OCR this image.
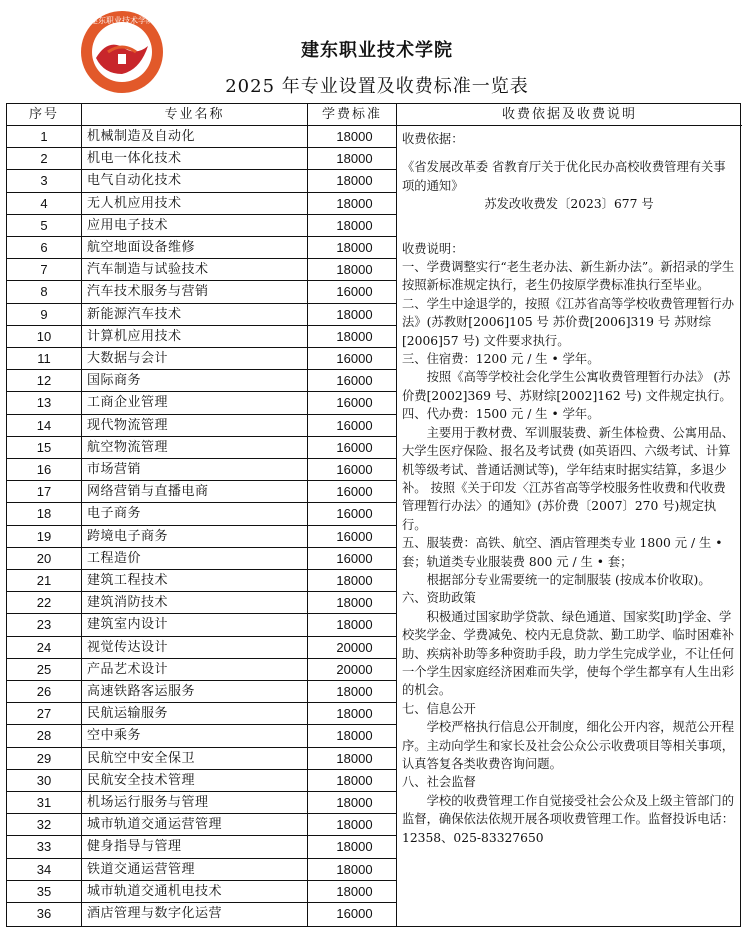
建东职业技术学院
建东职业技术学院
2025 年专业设置及收费标准一览表
序号	专业名称	学费标准	收费依据及收费说明
1	机械制造及自动化	18000
2	机电一体化技术	18000
3	电气自动化技术	18000
4	无人机应用技术	18000
5	应用电子技术	18000
6	航空地面设备维修	18000
7	汽车制造与试验技术	18000
8	汽车技术服务与营销	16000
9	新能源汽车技术	18000
10	计算机应用技术	18000
11	大数据与会计	16000
12	国际商务	16000
13	工商企业管理	16000
14	现代物流管理	16000
15	航空物流管理	16000
16	市场营销	16000
17	网络营销与直播电商	16000
18	电子商务	16000
19	跨境电子商务	16000
20	工程造价	16000
21	建筑工程技术	18000
22	建筑消防技术	18000
23	建筑室内设计	18000
24	视觉传达设计	20000
25	产品艺术设计	20000
26	高速铁路客运服务	18000
27	民航运输服务	18000
28	空中乘务	18000
29	民航空中安全保卫	18000
30	民航安全技术管理	18000
31	机场运行服务与管理	18000
32	城市轨道交通运营管理	18000
33	健身指导与管理	18000
34	铁道交通运营管理	18000
35	城市轨道交通机电技术	18000
36	酒店管理与数字化运营	16000

收费依据：

《省发展改革委 省教育厅关于优化民办高校收费管理有关事项的通知》

苏发改收费发〔2023〕677 号

收费说明：

一、学费调整实行“老生老办法、新生新办法”。新招录的学生按照新标准规定执行，老生仍按原学费标准执行至毕业。

二、学生中途退学的，按照《江苏省高等学校收费管理暂行办法》(苏教财[2006]105 号 苏价费[2006]319 号 苏财综[2006]57 号) 文件要求执行。

三、住宿费：1200 元 / 生 • 学年。

　　按照《高等学校社会化学生公寓收费管理暂行办法》 (苏价费[2002]369 号、苏财综[2002]162 号) 文件规定执行。

四、代办费：1500 元 / 生 • 学年。

　　主要用于教材费、军训服装费、新生体检费、公寓用品、大学生医疗保险、报名及考试费 (如英语四、六级考试、计算机等级考试、普通话测试等)，学年结束时据实结算，多退少补。 按照《关于印发〈江苏省高等学校服务性收费和代收费管理暂行办法〉的通知》(苏价费〔2007〕270 号)规定执行。

五、服装费：高铁、航空、酒店管理类专业 1800 元 / 生 • 套；轨道类专业服装费 800 元 / 生 • 套；

　　根据部分专业需要统一的定制服装 (按成本价收取)。

六、资助政策

　　积极通过国家助学贷款、绿色通道、国家奖[助]学金、学校奖学金、学费减免、校内无息贷款、勤工助学、临时困难补助、疾病补助等多种资助手段，助力学生完成学业，不让任何一个学生因家庭经济困难而失学，使每个学生都享有人生出彩的机会。

七、信息公开

　　学校严格执行信息公开制度，细化公开内容，规范公开程序。主动向学生和家长及社会公众公示收费项目等相关事项，认真答复各类收费咨询问题。

八、社会监督

　　学校的收费管理工作自觉接受社会公众及上级主管部门的监督，确保依法依规开展各项收费管理工作。监督投诉电话：12358、025-83327650
